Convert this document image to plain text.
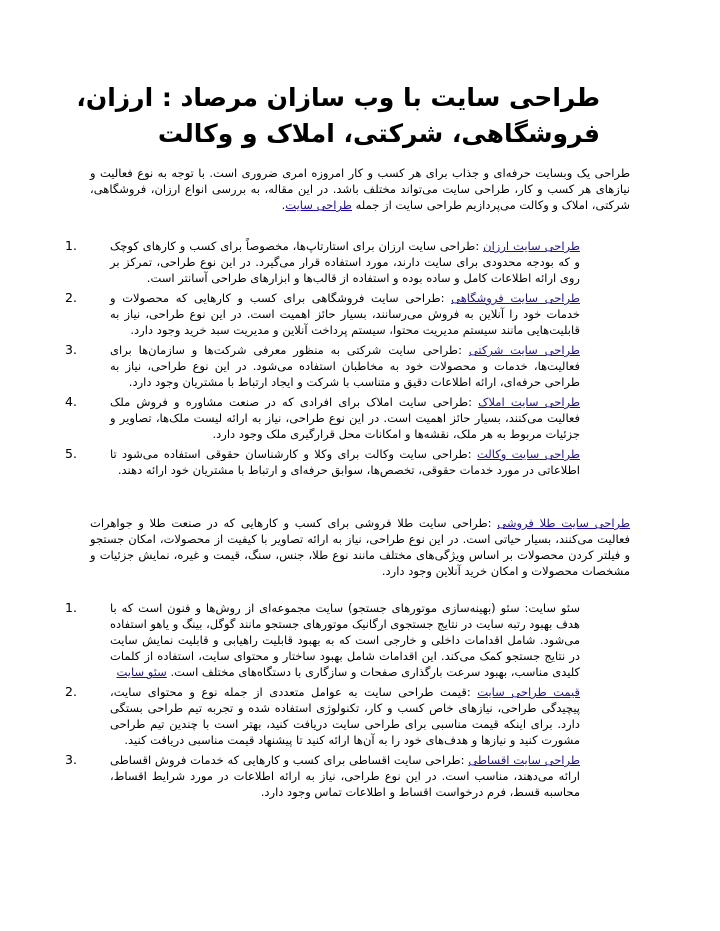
طراحی سایت با وب سازان مرصاد : ارزان، فروشگاهی، شرکتی، املاک و وکالت

طراحی یک وبسایت حرفه‌ای و جذاب برای هر کسب و کار امروزه امری ضروری است. با توجه به نوع فعالیت و نیازهای هر کسب و کار، طراحی سایت می‌تواند مختلف باشد. در این مقاله، به بررسی انواع ارزان، فروشگاهی، شرکتی، املاک و وکالت می‌پردازیم طراحی سایت از جمله طراحی سایت.

1.	طراحی سایت ارزان :طراحی سایت ارزان برای استارتاپ‌ها، مخصوصاً برای کسب و کارهای کوچک و که بودجه محدودی برای سایت دارند، مورد استفاده قرار می‌گیرد. در این نوع طراحی، تمرکز بر روی ارائه اطلاعات کامل و ساده بوده و استفاده از قالب‌ها و ابزارهای طراحی آسانتر است.
2.	طراحی سایت فروشگاهی :طراحی سایت فروشگاهی برای کسب و کارهایی که محصولات و خدمات خود را آنلاین به فروش می‌رسانند، بسیار حائز اهمیت است. در این نوع طراحی، نیاز به قابلیت‌هایی مانند سیستم مدیریت محتوا، سیستم پرداخت آنلاین و مدیریت سبد خرید وجود دارد.
3.	طراحی سایت شرکتی :طراحی سایت شرکتی به منظور معرفی شرکت‌ها و سازمان‌ها برای فعالیت‌ها، خدمات و محصولات خود به مخاطبان استفاده می‌شود. در این نوع طراحی، نیاز به طراحی حرفه‌ای، ارائه اطلاعات دقیق و متناسب با شرکت و ایجاد ارتباط با مشتریان وجود دارد.
4.	طراحی سایت املاک :طراحی سایت املاک برای افرادی که در صنعت مشاوره و فروش ملک فعالیت می‌کنند، بسیار حائز اهمیت است. در این نوع طراحی، نیاز به ارائه لیست ملک‌ها، تصاویر و جزئیات مربوط به هر ملک، نقشه‌ها و امکانات محل قرارگیری ملک وجود دارد.
5.	طراحی سایت وکالت :طراحی سایت وکالت برای وکلا و کارشناسان حقوقی استفاده می‌شود تا اطلاعاتی در مورد خدمات حقوقی، تخصص‌ها، سوابق حرفه‌ای و ارتباط با مشتریان خود ارائه دهند.

طراحی سایت طلا فروشی :طراحی سایت طلا فروشی برای کسب و کارهایی که در صنعت طلا و جواهرات فعالیت می‌کنند، بسیار حیاتی است. در این نوع طراحی، نیاز به ارائه تصاویر با کیفیت از محصولات، امکان جستجو و فیلتر کردن محصولات بر اساس ویژگی‌های مختلف مانند نوع طلا، جنس، سنگ، قیمت و غیره، نمایش جزئیات و مشخصات محصولات و امکان خرید آنلاین وجود دارد.

1.	سئو سایت: سئو (بهینه‌سازی موتورهای جستجو) سایت مجموعه‌ای از روش‌ها و فنون است که با هدف بهبود رتبه سایت در نتایج جستجوی ارگانیک موتورهای جستجو مانند گوگل، بینگ و یاهو استفاده می‌شود. شامل اقدامات داخلی و خارجی است که به بهبود قابلیت راهیابی و قابلیت نمایش سایت در نتایج جستجو کمک می‌کند. این اقدامات شامل بهبود ساختار و محتوای سایت، استفاده از کلمات کلیدی مناسب، بهبود سرعت بارگذاری صفحات و سازگاری با دستگاه‌های مختلف است. سئو سایت
2.	قیمت طراحی سایت :قیمت طراحی سایت به عوامل متعددی از جمله نوع و محتوای سایت، پیچیدگی طراحی، نیازهای خاص کسب و کار، تکنولوژی استفاده شده و تجربه تیم طراحی بستگی دارد. برای اینکه قیمت مناسبی برای طراحی سایت دریافت کنید، بهتر است با چندین تیم طراحی مشورت کنید و نیازها و هدف‌های خود را به آن‌ها ارائه کنید تا پیشنهاد قیمت مناسبی دریافت کنید.
3.	طراحی سایت اقساطی :طراحی سایت اقساطی برای کسب و کارهایی که خدمات فروش اقساطی ارائه می‌دهند، مناسب است. در این نوع طراحی، نیاز به ارائه اطلاعات در مورد شرایط اقساط، محاسبه قسط، فرم درخواست اقساط و اطلاعات تماس وجود دارد.
